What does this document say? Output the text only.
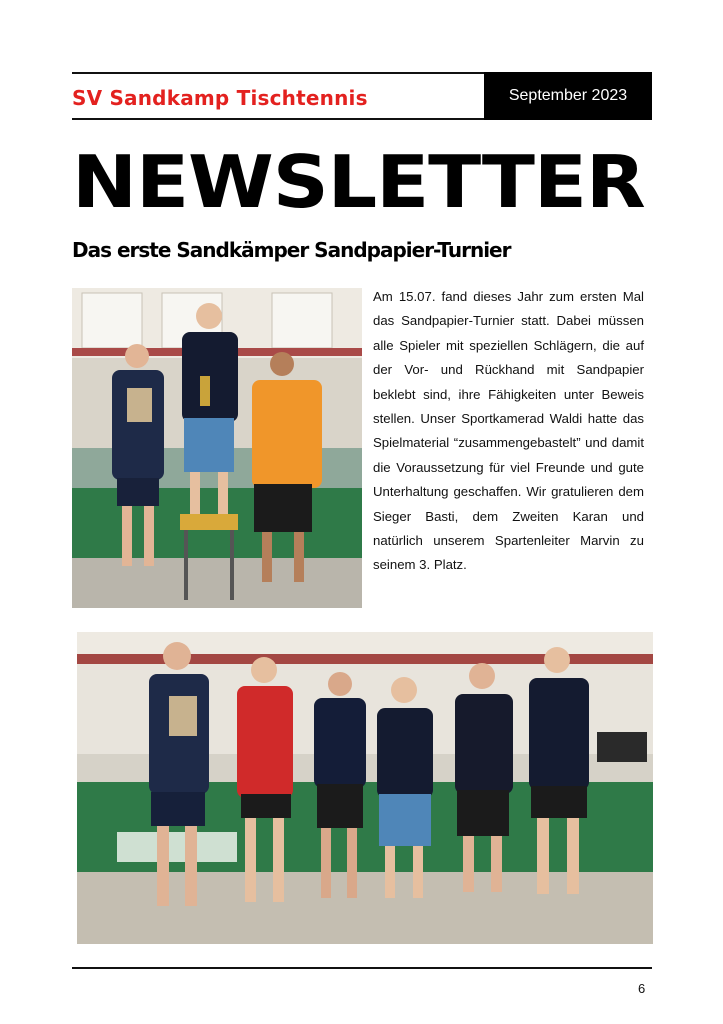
SV Sandkamp Tischtennis	September 2023
NEWSLETTER
Das erste Sandkämper Sandpapier-Turnier

Am 15.07. fand dieses Jahr zum ersten Mal das Sandpapier-Turnier statt. Dabei müssen alle Spieler mit speziellen Schlägern, die auf der Vor- und Rückhand mit Sandpapier beklebt sind, ihre Fähigkeiten unter Beweis stellen. Unser Sportkamerad Waldi hatte das Spielmaterial “zusammengebastelt” und damit die Voraussetzung für viel Freunde und gute Unterhaltung geschaffen. Wir gratulieren dem Sieger Basti, dem Zweiten Karan und natürlich unserem Spartenleiter Marvin zu seinem 3. Platz.

6
